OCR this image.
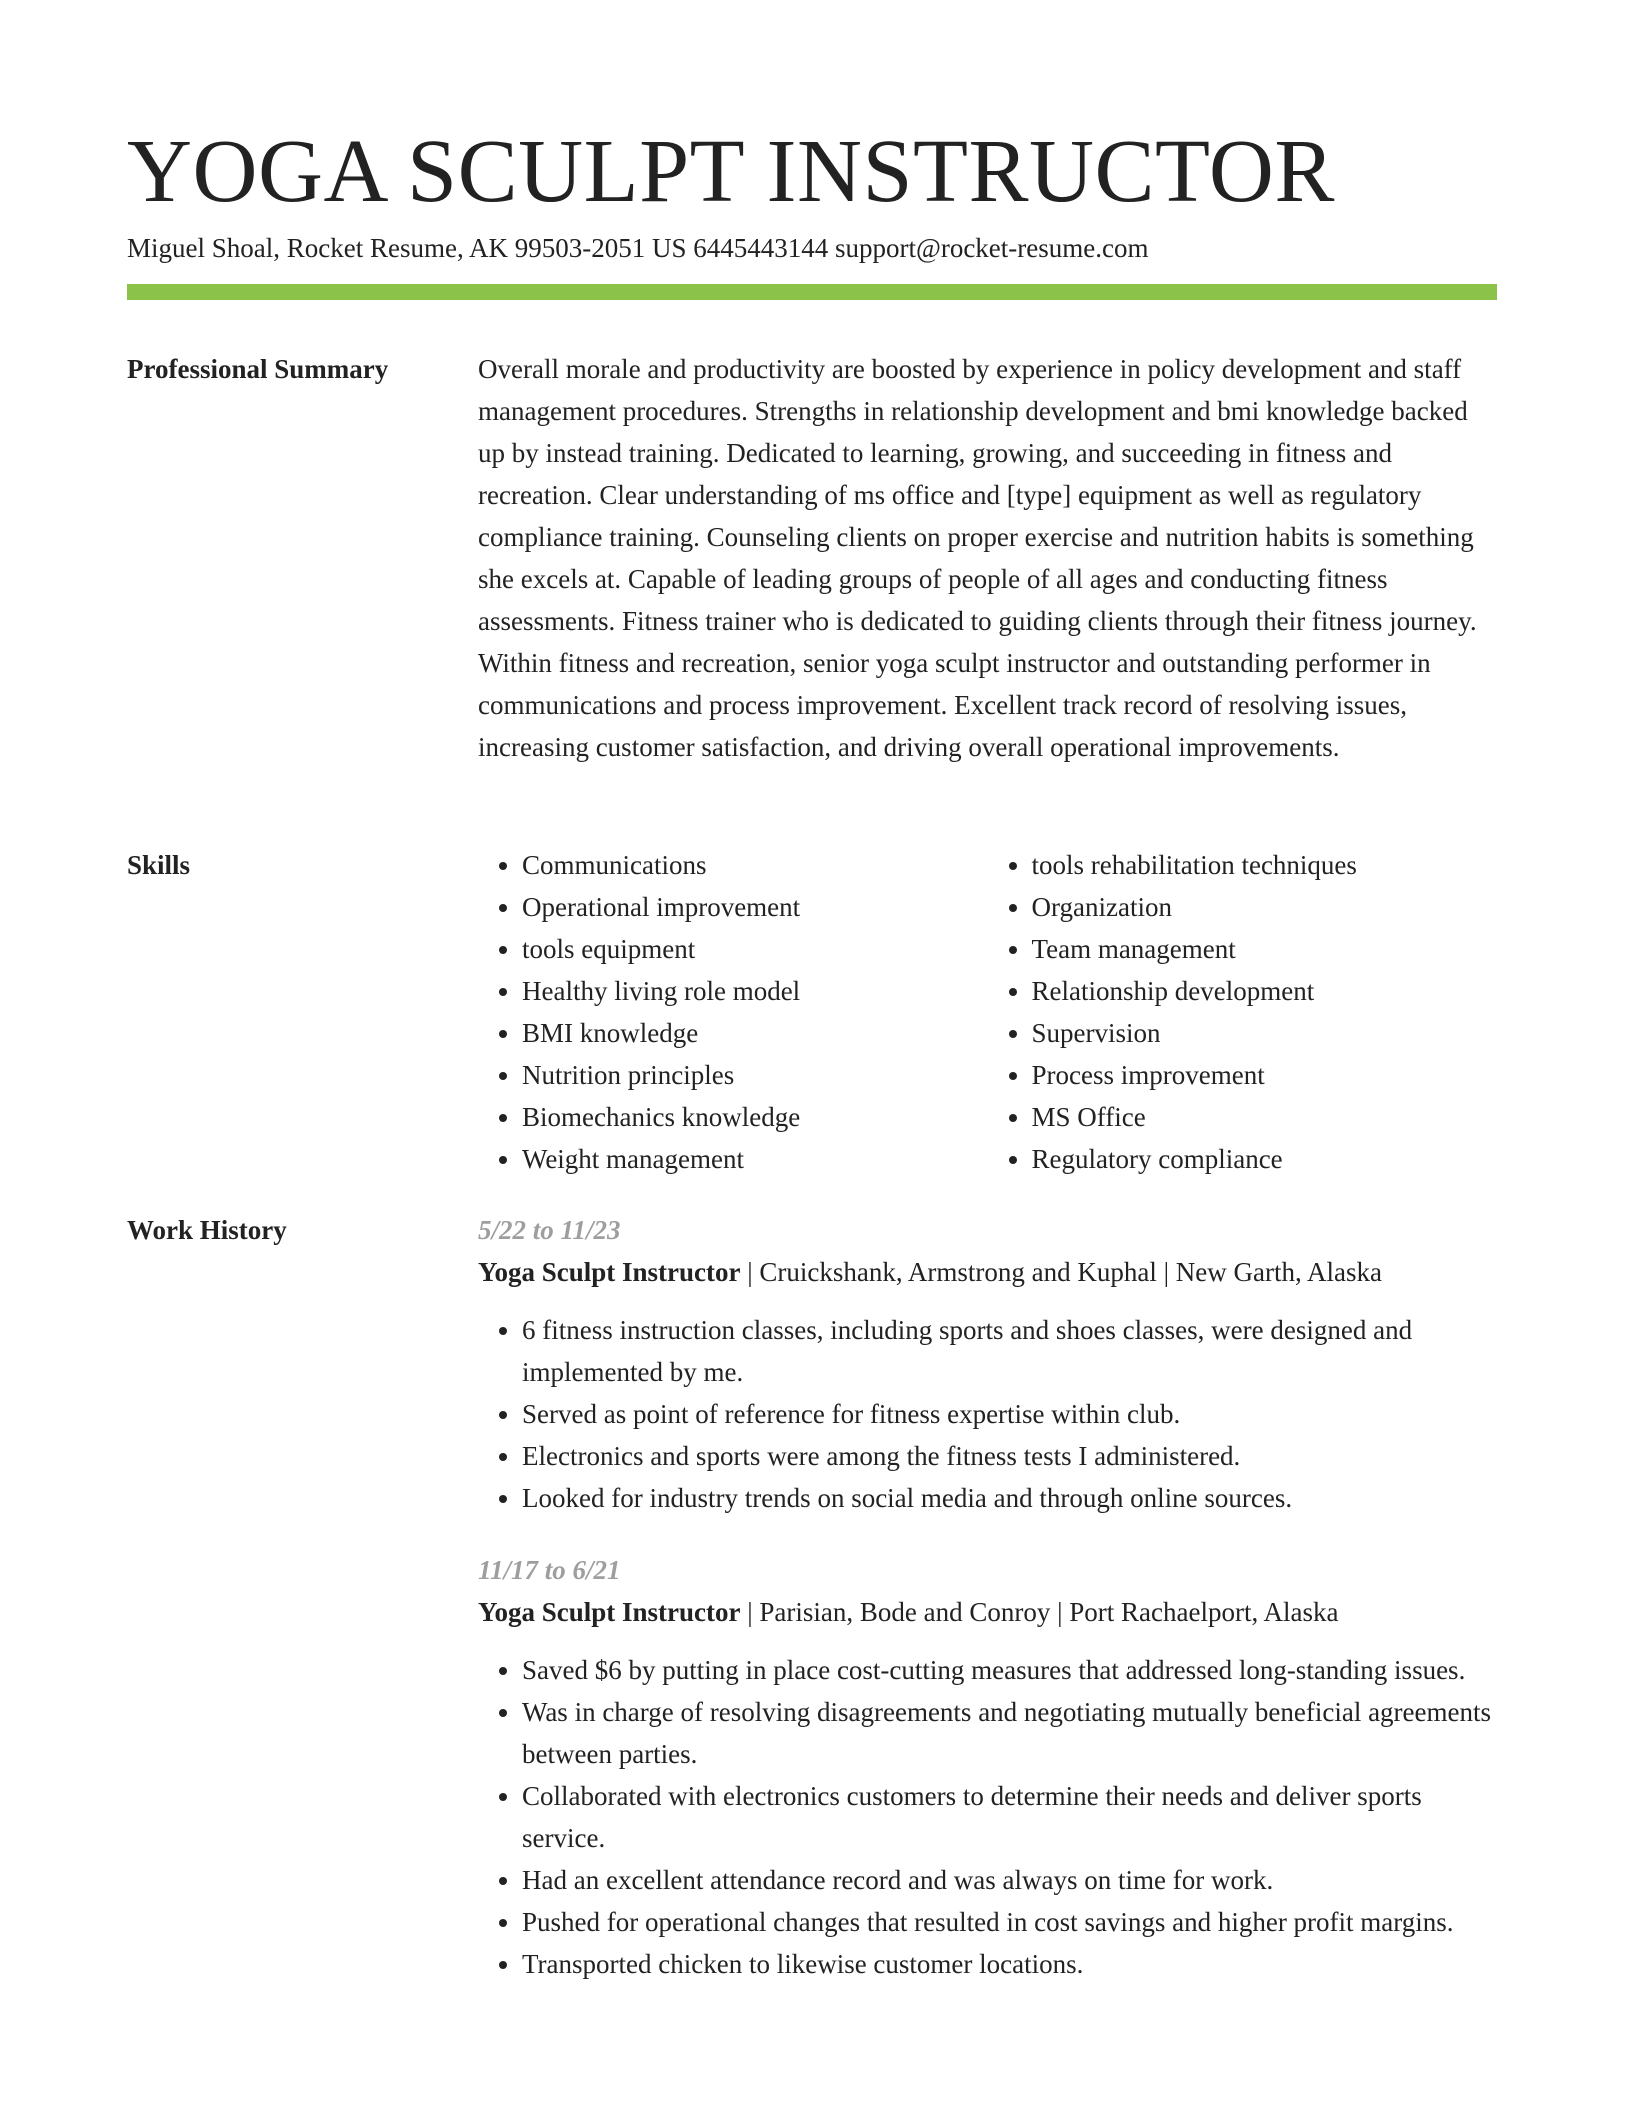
YOGA SCULPT INSTRUCTOR
Miguel Shoal, Rocket Resume, AK 99503-2051 US 6445443144 support@rocket-resume.com
Professional Summary	Overall morale and productivity are boosted by experience in policy development and staff management procedures. Strengths in relationship development and bmi knowledge backed up by instead training. Dedicated to learning, growing, and succeeding in fitness and recreation. Clear understanding of ms office and [type] equipment as well as regulatory compliance training. Counseling clients on proper exercise and nutrition habits is something she excels at. Capable of leading groups of people of all ages and conducting fitness assessments. Fitness trainer who is dedicated to guiding clients through their fitness journey. Within fitness and recreation, senior yoga sculpt instructor and outstanding performer in communications and process improvement. Excellent track record of resolving issues, increasing customer satisfaction, and driving overall operational improvements.

Skills
•	Communications
• Operational improvement
• tools equipment
• Healthy living role model
• BMI knowledge
• Nutrition principles
• Biomechanics knowledge
• Weight management
• tools rehabilitation techniques
• Organization
• Team management
• Relationship development
• Supervision
• Process improvement
• MS Office
• Regulatory compliance
Work History	5/22 to 11/23
Yoga Sculpt Instructor | Cruickshank, Armstrong and Kuphal | New Garth, Alaska
• 6 fitness instruction classes, including sports and shoes classes, were designed and implemented by me.
• Served as point of reference for fitness expertise within club.
• Electronics and sports were among the fitness tests I administered.
• Looked for industry trends on social media and through online sources.
11/17 to 6/21
Yoga Sculpt Instructor | Parisian, Bode and Conroy | Port Rachaelport, Alaska
• Saved $6 by putting in place cost-cutting measures that addressed long-standing issues.
• Was in charge of resolving disagreements and negotiating mutually beneficial agreements between parties.
• Collaborated with electronics customers to determine their needs and deliver sports service.
• Had an excellent attendance record and was always on time for work.
• Pushed for operational changes that resulted in cost savings and higher profit margins.
• Transported chicken to likewise customer locations.
